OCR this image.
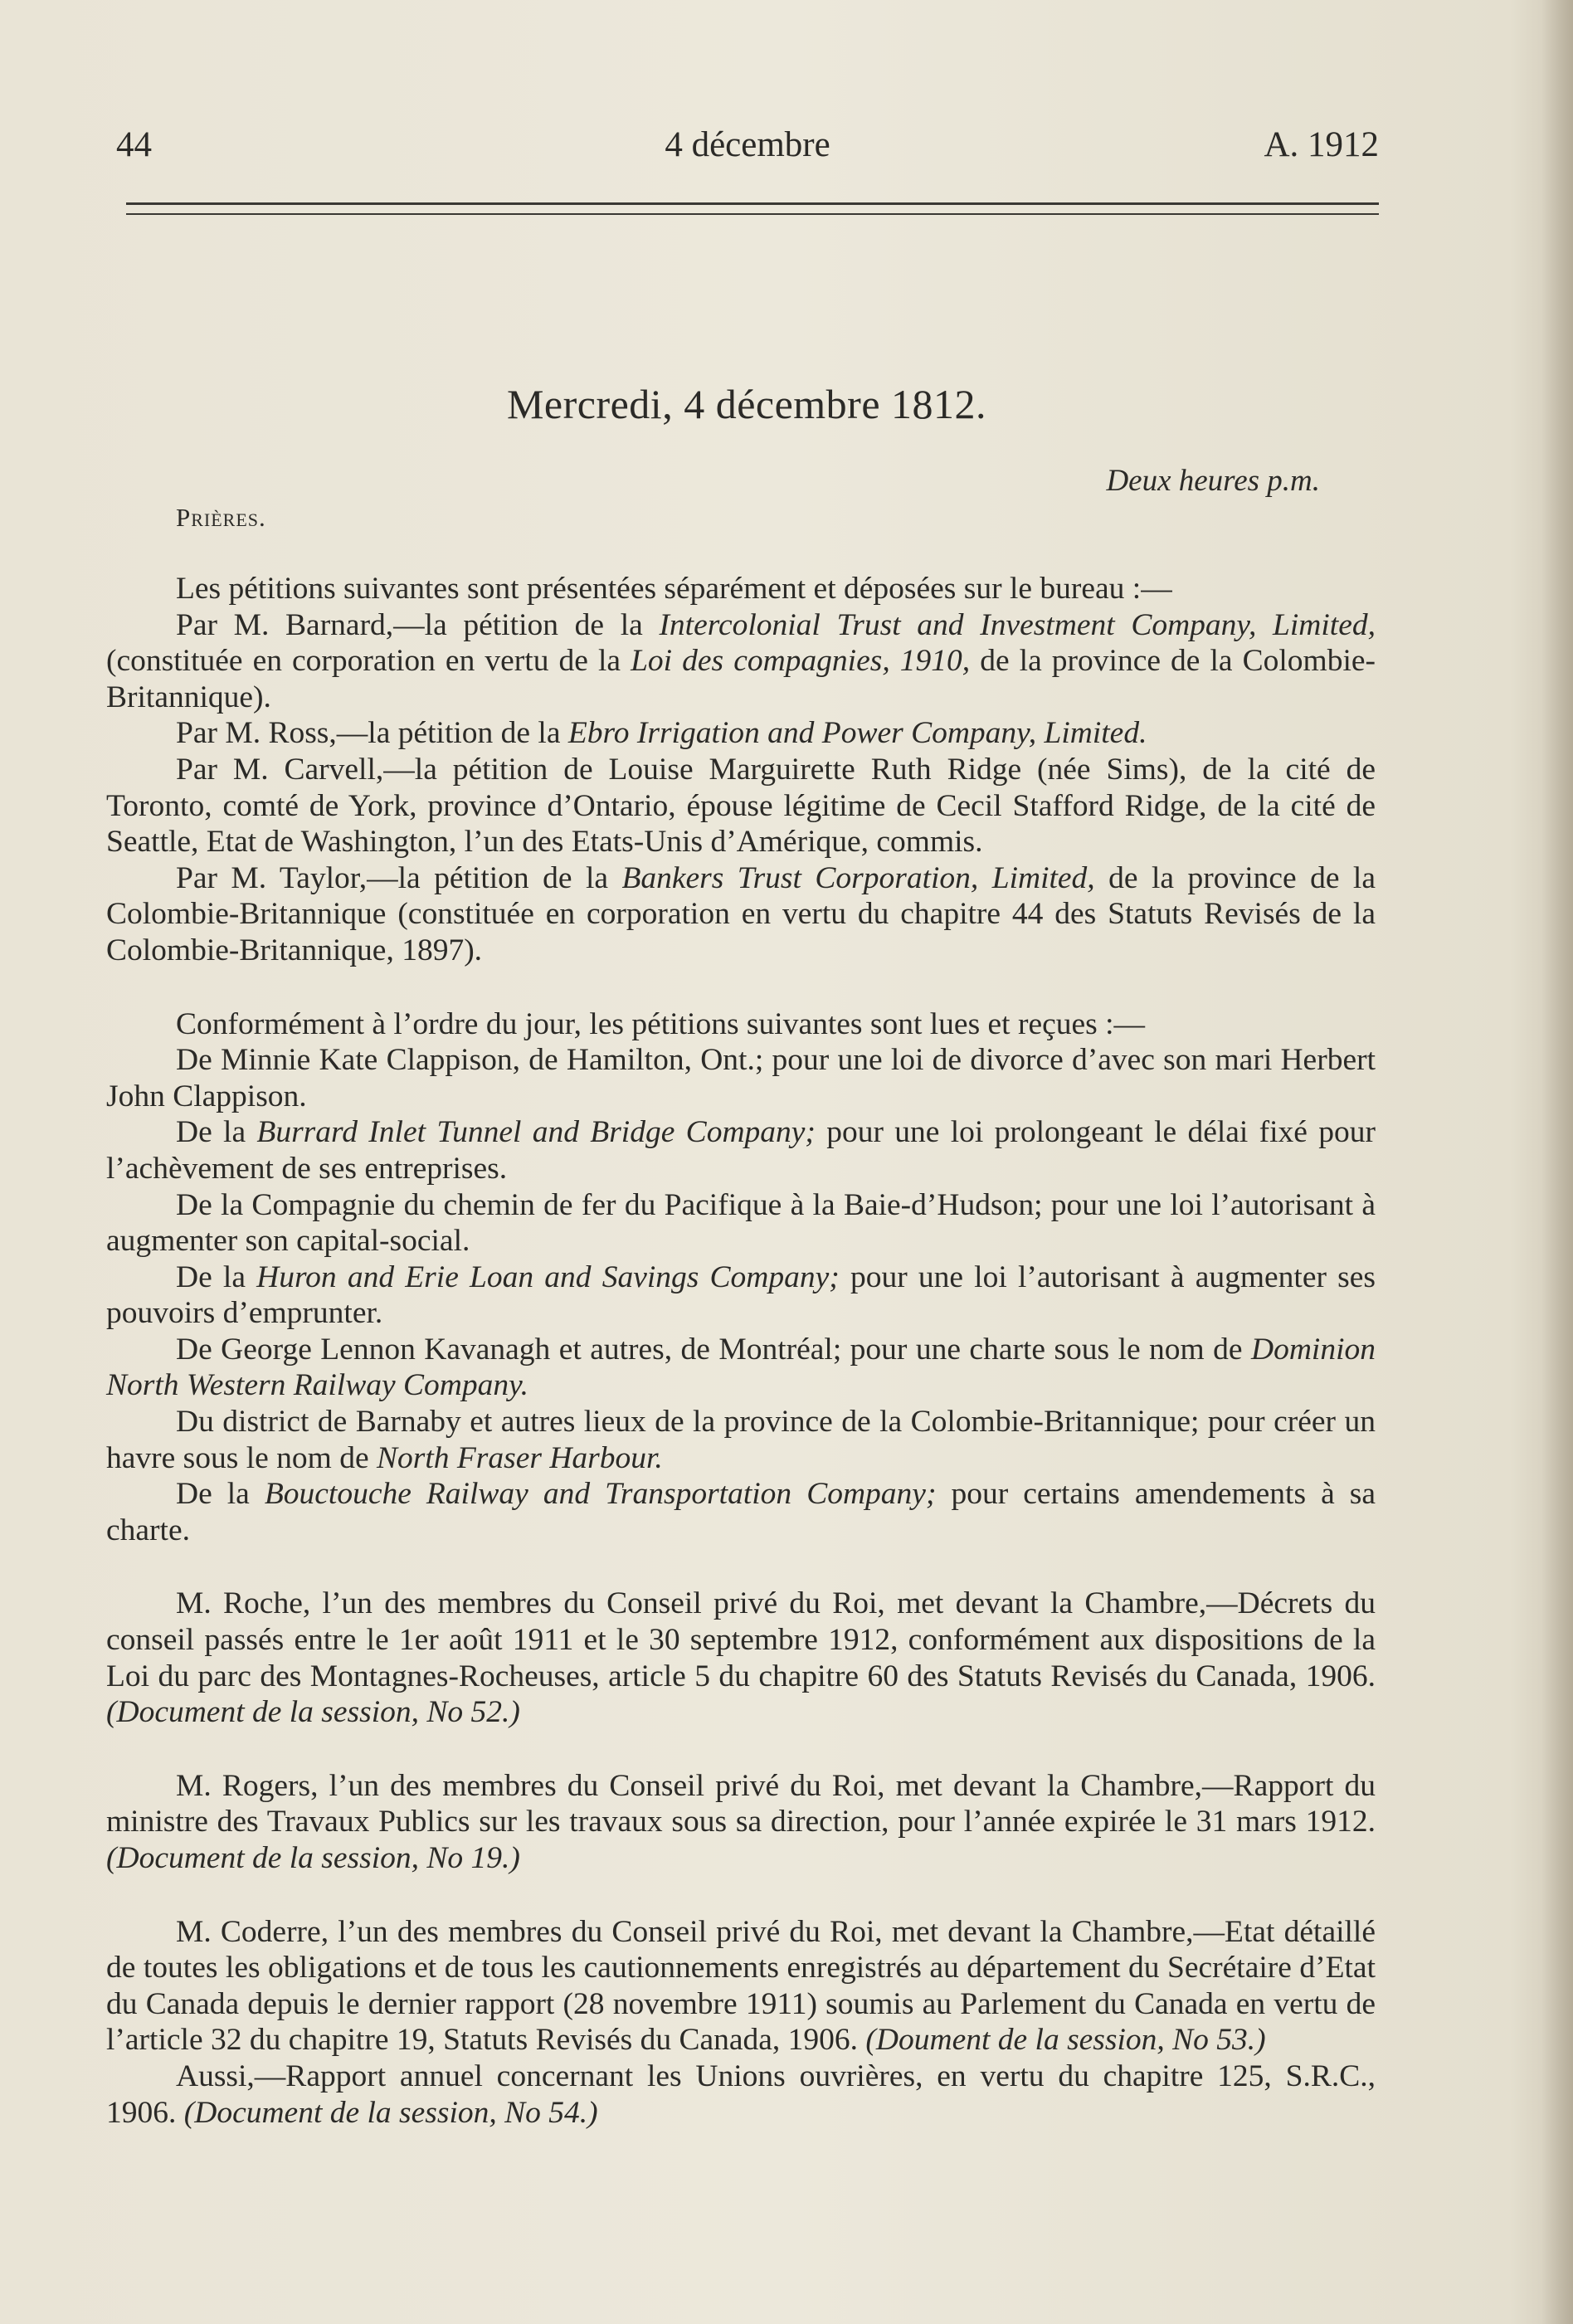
44	4 décembre	A. 1912
Mercredi, 4 décembre 1812.
Deux heures p.m.
Prières.

Les pétitions suivantes sont présentées séparément et déposées sur le bureau :—

Par M. Barnard,—la pétition de la Intercolonial Trust and Investment Company, Limited, (constituée en corporation en vertu de la Loi des compagnies, 1910, de la province de la Colombie-Britannique).

Par M. Ross,—la pétition de la Ebro Irrigation and Power Company, Limited.

Par M. Carvell,—la pétition de Louise Marguirette Ruth Ridge (née Sims), de la cité de Toronto, comté de York, province d’Ontario, épouse légitime de Cecil Stafford Ridge, de la cité de Seattle, Etat de Washington, l’un des Etats-Unis d’Amérique, commis.

Par M. Taylor,—la pétition de la Bankers Trust Corporation, Limited, de la province de la Colombie-Britannique (constituée en corporation en vertu du chapitre 44 des Statuts Revisés de la Colombie-Britannique, 1897).

Conformément à l’ordre du jour, les pétitions suivantes sont lues et reçues :—

De Minnie Kate Clappison, de Hamilton, Ont.; pour une loi de divorce d’avec son mari Herbert John Clappison.

De la Burrard Inlet Tunnel and Bridge Company; pour une loi prolongeant le délai fixé pour l’achèvement de ses entreprises.

De la Compagnie du chemin de fer du Pacifique à la Baie-d’Hudson; pour une loi l’autorisant à augmenter son capital-social.

De la Huron and Erie Loan and Savings Company; pour une loi l’autorisant à augmenter ses pouvoirs d’emprunter.

De George Lennon Kavanagh et autres, de Montréal; pour une charte sous le nom de Dominion North Western Railway Company.

Du district de Barnaby et autres lieux de la province de la Colombie-Britannique; pour créer un havre sous le nom de North Fraser Harbour.

De la Bouctouche Railway and Transportation Company; pour certains amendements à sa charte.

M. Roche, l’un des membres du Conseil privé du Roi, met devant la Chambre,—Décrets du conseil passés entre le 1er août 1911 et le 30 septembre 1912, conformément aux dispositions de la Loi du parc des Montagnes-Rocheuses, article 5 du chapitre 60 des Statuts Revisés du Canada, 1906. (Document de la session, No 52.)

M. Rogers, l’un des membres du Conseil privé du Roi, met devant la Chambre,—Rapport du ministre des Travaux Publics sur les travaux sous sa direction, pour l’année expirée le 31 mars 1912. (Document de la session, No 19.)

M. Coderre, l’un des membres du Conseil privé du Roi, met devant la Chambre,—Etat détaillé de toutes les obligations et de tous les cautionnements enregistrés au département du Secrétaire d’Etat du Canada depuis le dernier rapport (28 novembre 1911) soumis au Parlement du Canada en vertu de l’article 32 du chapitre 19, Statuts Revisés du Canada, 1906. (Doument de la session, No 53.)

Aussi,—Rapport annuel concernant les Unions ouvrières, en vertu du chapitre 125, S.R.C., 1906. (Document de la session, No 54.)
